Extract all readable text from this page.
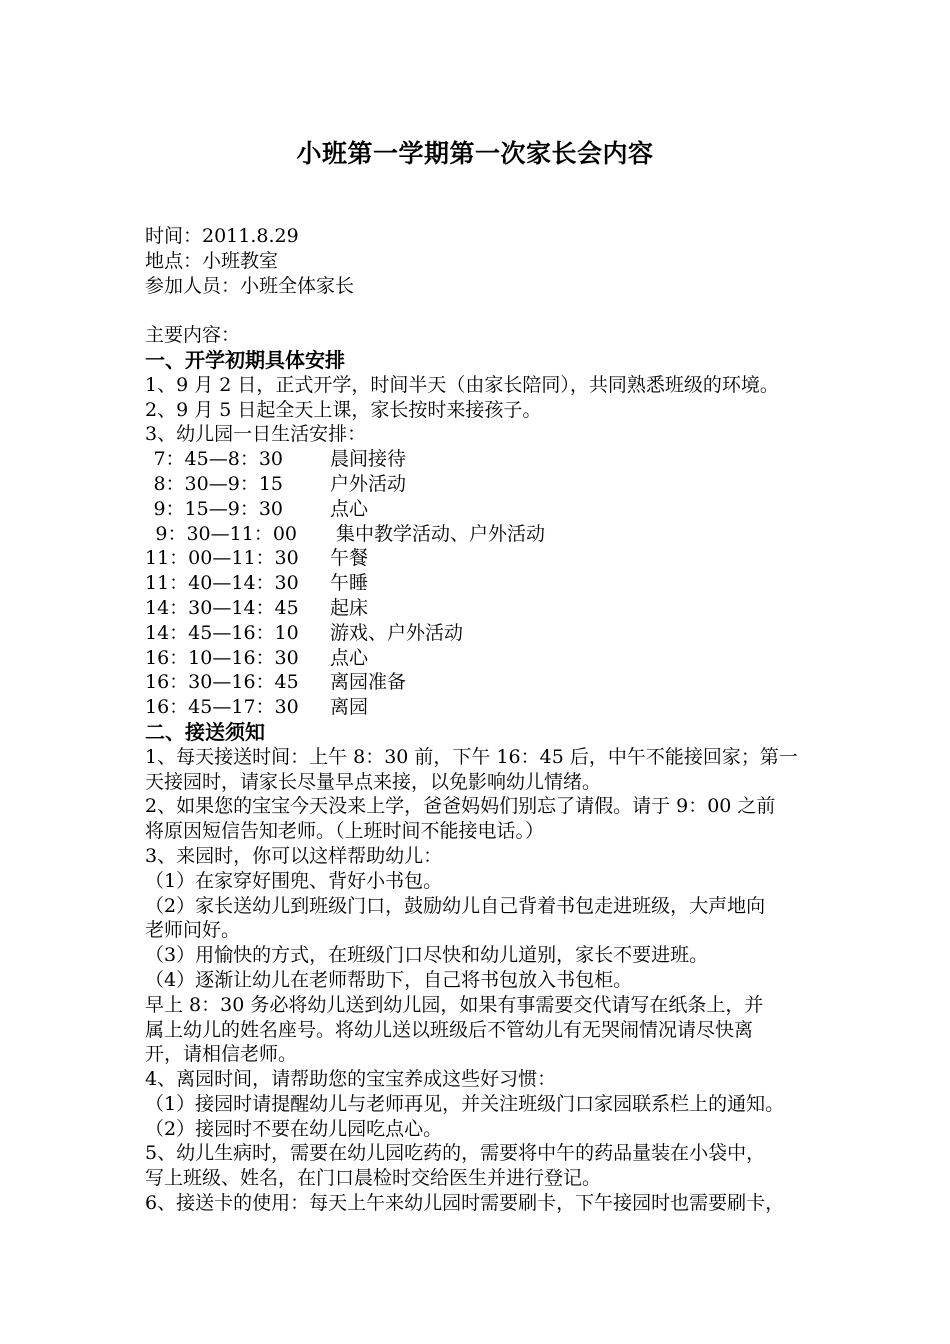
小班第一学期第一次家长会内容
时间：2011.8.29
地点：小班教室
参加人员：小班全体家长
主要内容：
一、开学初期具体安排
1、9 月 2 日，正式开学，时间半天（由家长陪同），共同熟悉班级的环境。
2、9 月 5 日起全天上课，家长按时来接孩子。
3、幼儿园一日生活安排：
7：45—8：30 晨间接待
8：30—9：15 户外活动
9：15—9：30 点心
9：30—11：00 集中教学活动、户外活动
11：00—11：30 午餐
11：40—14：30 午睡
14：30—14：45 起床
14：45—16：10 游戏、户外活动
16：10—16：30 点心
16：30—16：45 离园准备
16：45—17：30 离园
二、接送须知
1、每天接送时间：上午 8：30 前，下午 16：45 后，中午不能接回家；第一
天接园时，请家长尽量早点来接，以免影响幼儿情绪。
2、如果您的宝宝今天没来上学，爸爸妈妈们别忘了请假。请于 9：00 之前
将原因短信告知老师。（上班时间不能接电话。）
3、来园时，你可以这样帮助幼儿：
（1）在家穿好围兜、背好小书包。
（2）家长送幼儿到班级门口，鼓励幼儿自己背着书包走进班级，大声地向
老师问好。
（3）用愉快的方式，在班级门口尽快和幼儿道别，家长不要进班。
（4）逐渐让幼儿在老师帮助下，自己将书包放入书包柜。
早上 8：30 务必将幼儿送到幼儿园，如果有事需要交代请写在纸条上，并
属上幼儿的姓名座号。将幼儿送以班级后不管幼儿有无哭闹情况请尽快离
开，请相信老师。
4、离园时间，请帮助您的宝宝养成这些好习惯：
（1）接园时请提醒幼儿与老师再见，并关注班级门口家园联系栏上的通知。
（2）接园时不要在幼儿园吃点心。
5、幼儿生病时，需要在幼儿园吃药的，需要将中午的药品量装在小袋中，
写上班级、姓名，在门口晨检时交给医生并进行登记。
6、接送卡的使用：每天上午来幼儿园时需要刷卡，下午接园时也需要刷卡，
